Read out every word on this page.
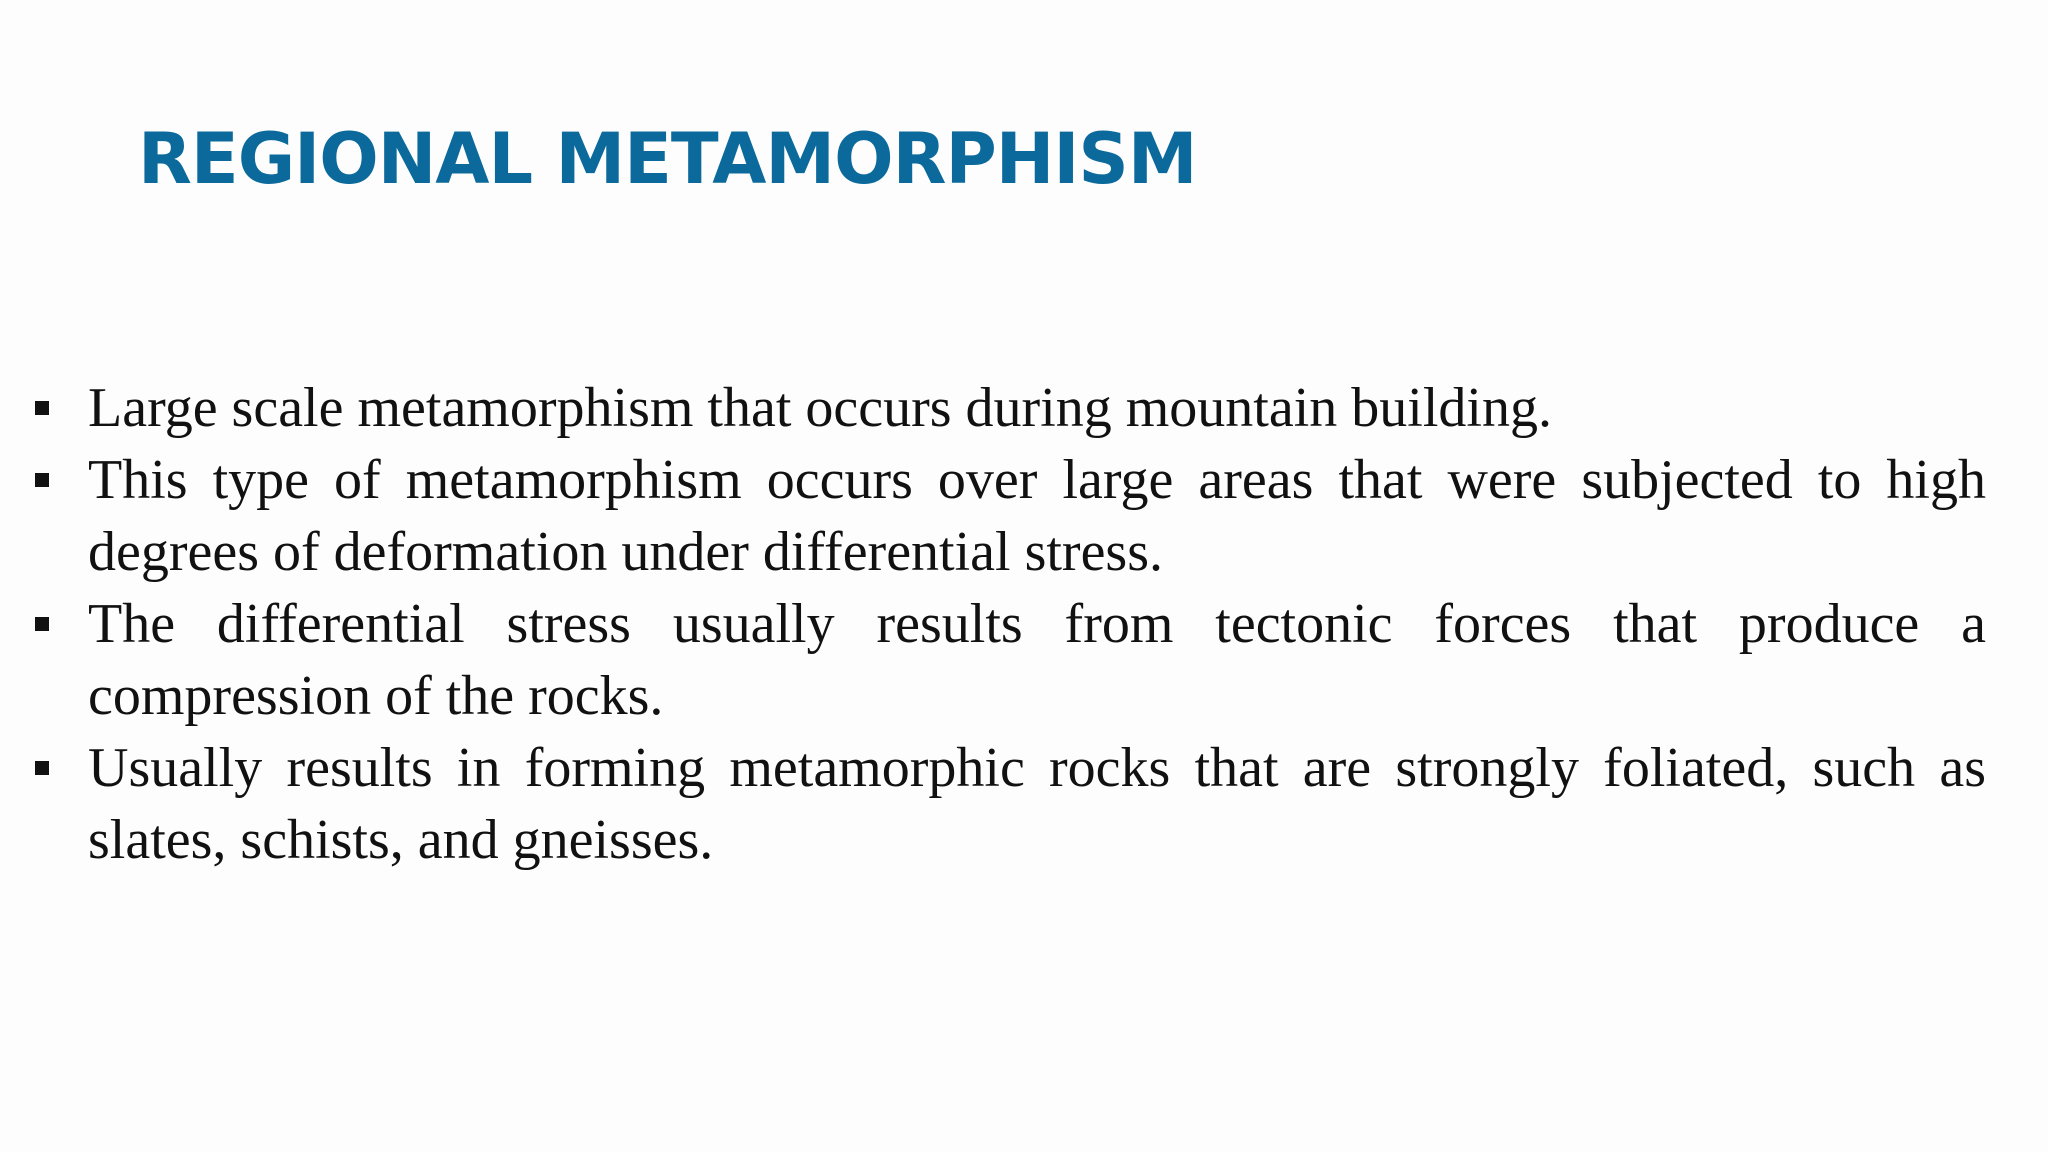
REGIONAL METAMORPHISM
Large scale metamorphism that occurs during mountain building.
This type of metamorphism occurs over large areas that were subjected to high degrees of deformation under differential stress.
The differential stress usually results from tectonic forces that produce a compression of the rocks.
Usually results in forming metamorphic rocks that are strongly foliated, such as slates, schists, and gneisses.
